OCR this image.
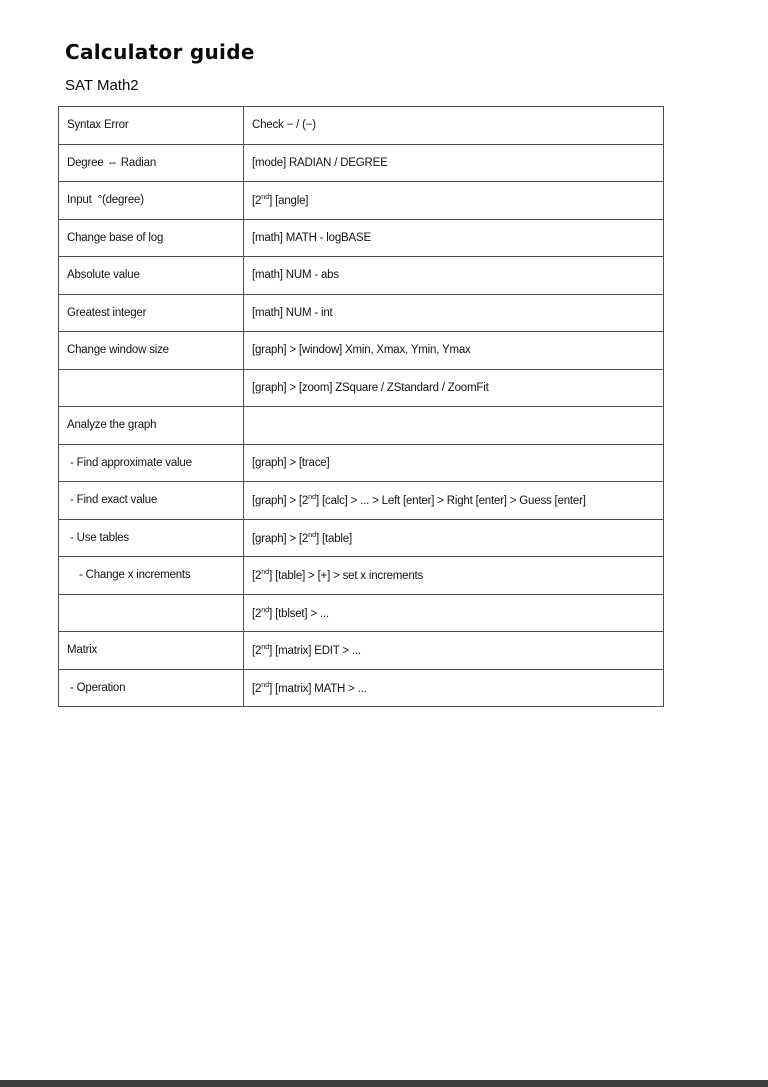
Calculator guide
SAT Math2
Syntax Error	Check − / (−)
Degree ⇔ Radian	[mode] RADIAN / DEGREE
Input  °(degree)	[2nd] [angle]
Change base of log	[math] MATH - logBASE
Absolute value	[math] NUM - abs
Greatest integer	[math] NUM - int
Change window size	[graph] > [window] Xmin, Xmax, Ymin, Ymax
	[graph] > [zoom] ZSquare / ZStandard / ZoomFit
Analyze the graph	
- Find approximate value	[graph] > [trace]
- Find exact value	[graph] > [2nd] [calc] > ... > Left [enter] > Right [enter] > Guess [enter]
- Use tables	[graph] > [2nd] [table]
- Change x increments	[2nd] [table] > [+] > set x increments
	[2nd] [tblset] > ...
Matrix	[2nd] [matrix] EDIT > ...
- Operation	[2nd] [matrix] MATH > ...
